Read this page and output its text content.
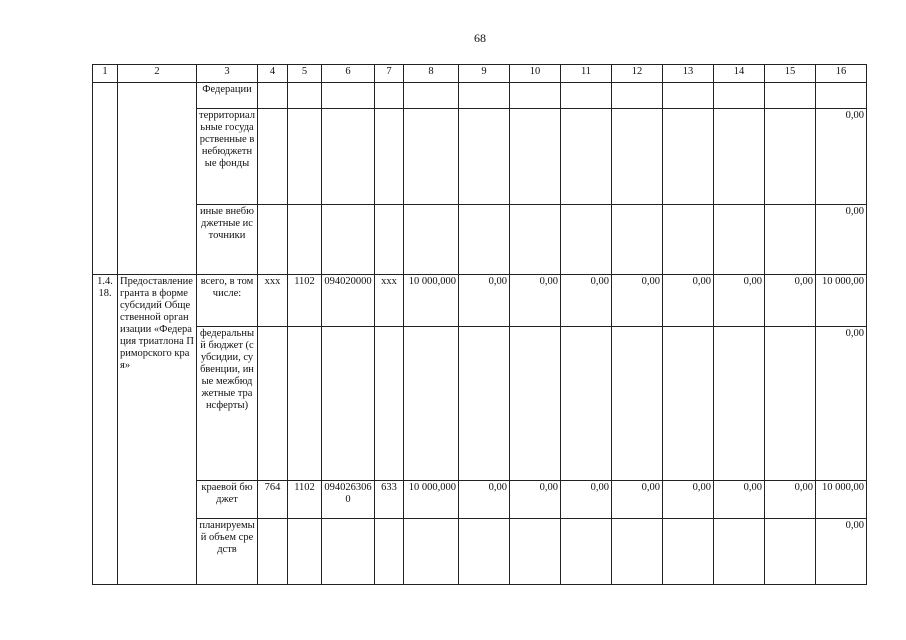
68
1	2	3	4	5	6	7	8	9	10	11	12	13	14	15	16
		Федерации													
		территориальные государственные внебюджетные фонды													0,00
		иные внебюджетные источники													0,00
1.4.18.	Предоставление гранта в форме субсидий Общественной организации «Федерация триатлона Приморского края»	всего, в том числе:	xxx	1102	094020000	xxx	10 000,000	0,00	0,00	0,00	0,00	0,00	0,00	0,00	10 000,00
		федеральный бюджет (субсидии, субвенции, иные межбюджетные трансферты)													0,00
		краевой бюджет	764	1102	0940263060	633	10 000,000	0,00	0,00	0,00	0,00	0,00	0,00	0,00	10 000,00
		планируемый объем средств													0,00
